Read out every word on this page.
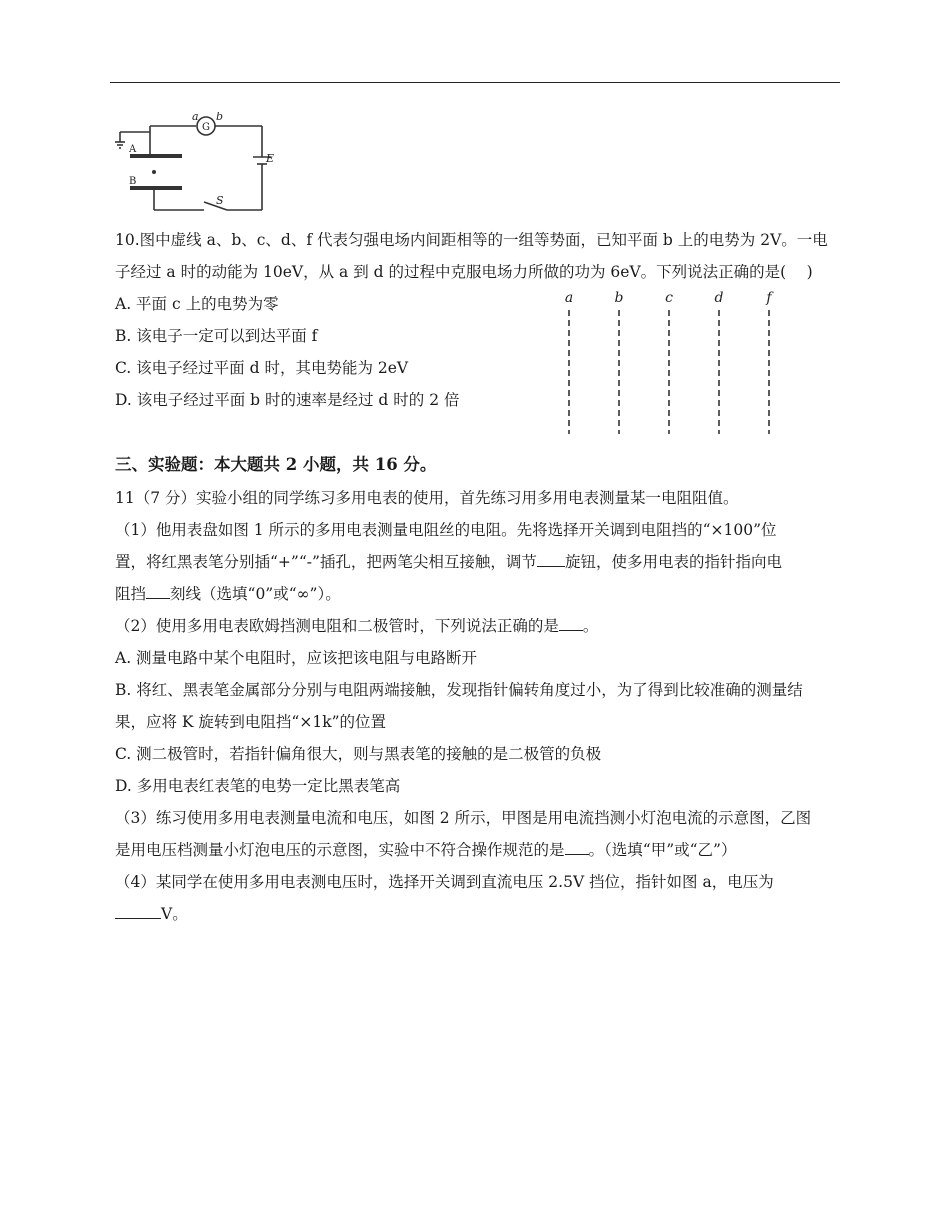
a b
G
A
B
E
S
a	b	c	d	f
10.图中虚线 a、b、c、d、f 代表匀强电场内间距相等的一组等势面，已知平面 b 上的电势为 2V。一电
子经过 a 时的动能为 10eV，从 a 到 d 的过程中克服电场力所做的功为 6eV。下列说法正确的是(　 )
A. 平面 c 上的电势为零
B. 该电子一定可以到达平面 f
C. 该电子经过平面 d 时，其电势能为 2eV
D. 该电子经过平面 b 时的速率是经过 d 时的 2 倍
三、实验题：本大题共 2 小题，共 16 分。
11（7 分）实验小组的同学练习多用电表的使用，首先练习用多用电表测量某一电阻阻值。
（1）他用表盘如图 1 所示的多用电表测量电阻丝的电阻。先将选择开关调到电阻挡的“×100”位
置，将红黑表笔分别插“+”“-”插孔，把两笔尖相互接触，调节 旋钮，使多用电表的指针指向电
阻挡 刻线（选填“0”或“∞”）。
（2）使用多用电表欧姆挡测电阻和二极管时，下列说法正确的是 。
A. 测量电路中某个电阻时，应该把该电阻与电路断开
B. 将红、黑表笔金属部分分别与电阻两端接触，发现指针偏转角度过小，为了得到比较准确的测量结
果，应将 K 旋转到电阻挡“×1k”的位置
C. 测二极管时，若指针偏角很大，则与黑表笔的接触的是二极管的负极
D. 多用电表红表笔的电势一定比黑表笔高
（3）练习使用多用电表测量电流和电压，如图 2 所示，甲图是用电流挡测小灯泡电流的示意图，乙图
是用电压档测量小灯泡电压的示意图，实验中不符合操作规范的是 。（选填“甲”或“乙”）
（4）某同学在使用多用电表测电压时，选择开关调到直流电压 2.5V 挡位，指针如图 a，电压为
V。
